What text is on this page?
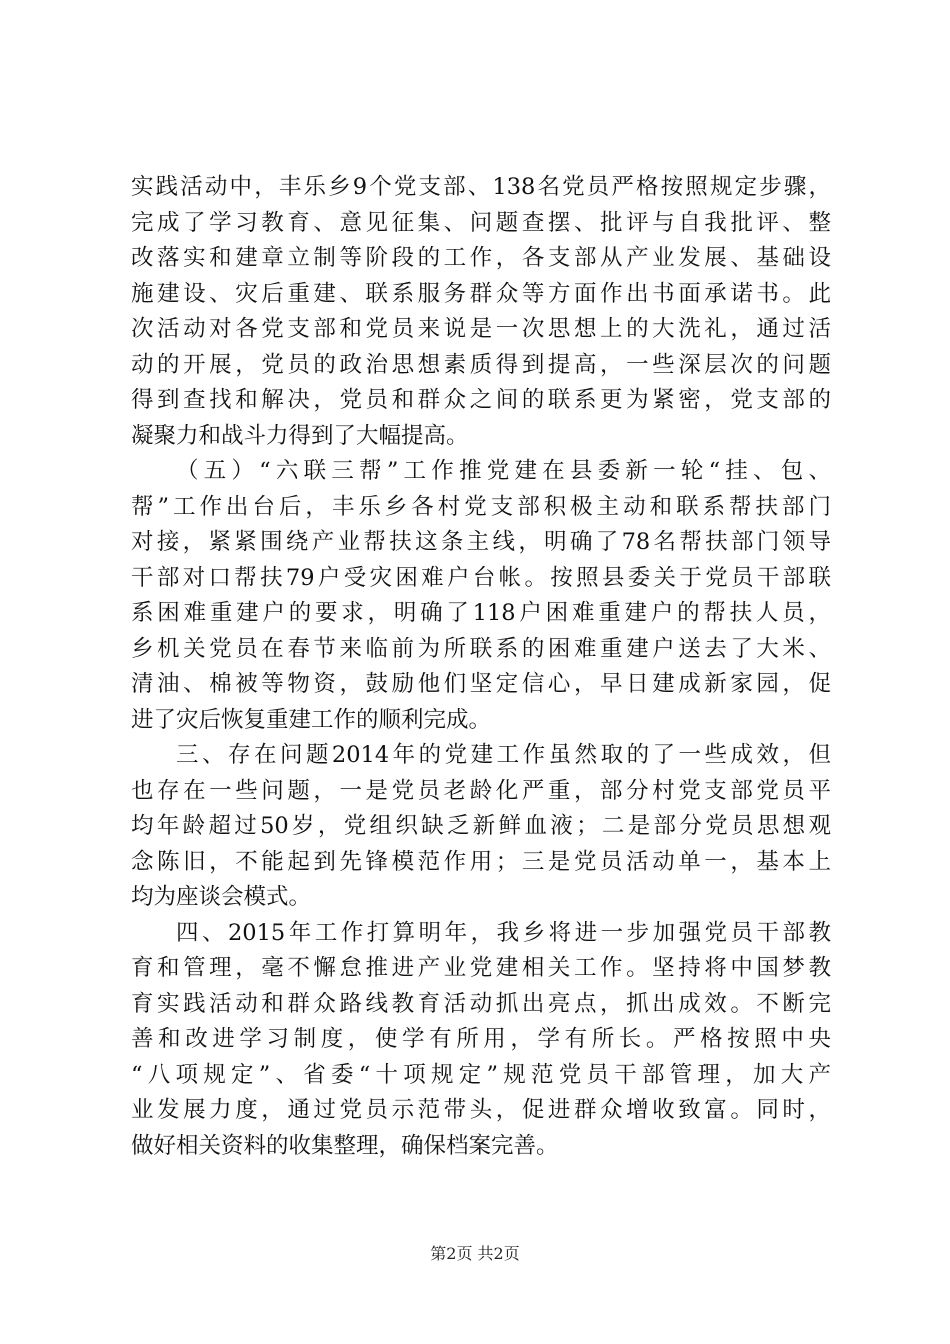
实践活动中，丰乐乡9个党支部、138名党员严格按照规定步骤，
完成了学习教育、意见征集、问题查摆、批评与自我批评、整
改落实和建章立制等阶段的工作，各支部从产业发展、基础设
施建设、灾后重建、联系服务群众等方面作出书面承诺书。此
次活动对各党支部和党员来说是一次思想上的大洗礼，通过活
动的开展，党员的政治思想素质得到提高，一些深层次的问题
得到查找和解决，党员和群众之间的联系更为紧密，党支部的
凝聚力和战斗力得到了大幅提高。
（五）“六联三帮”工作推党建在县委新一轮“挂、包、
帮”工作出台后，丰乐乡各村党支部积极主动和联系帮扶部门
对接，紧紧围绕产业帮扶这条主线，明确了78名帮扶部门领导
干部对口帮扶79户受灾困难户台帐。按照县委关于党员干部联
系困难重建户的要求，明确了118户困难重建户的帮扶人员，
乡机关党员在春节来临前为所联系的困难重建户送去了大米、
清油、棉被等物资，鼓励他们坚定信心，早日建成新家园，促
进了灾后恢复重建工作的顺利完成。
三、存在问题2014年的党建工作虽然取的了一些成效，但
也存在一些问题，一是党员老龄化严重，部分村党支部党员平
均年龄超过50岁，党组织缺乏新鲜血液；二是部分党员思想观
念陈旧，不能起到先锋模范作用；三是党员活动单一，基本上
均为座谈会模式。
四、2015年工作打算明年，我乡将进一步加强党员干部教
育和管理，毫不懈怠推进产业党建相关工作。坚持将中国梦教
育实践活动和群众路线教育活动抓出亮点，抓出成效。不断完
善和改进学习制度，使学有所用，学有所长。严格按照中央
“八项规定”、省委“十项规定”规范党员干部管理，加大产
业发展力度，通过党员示范带头，促进群众增收致富。同时，
做好相关资料的收集整理，确保档案完善。
第2页 共2页
